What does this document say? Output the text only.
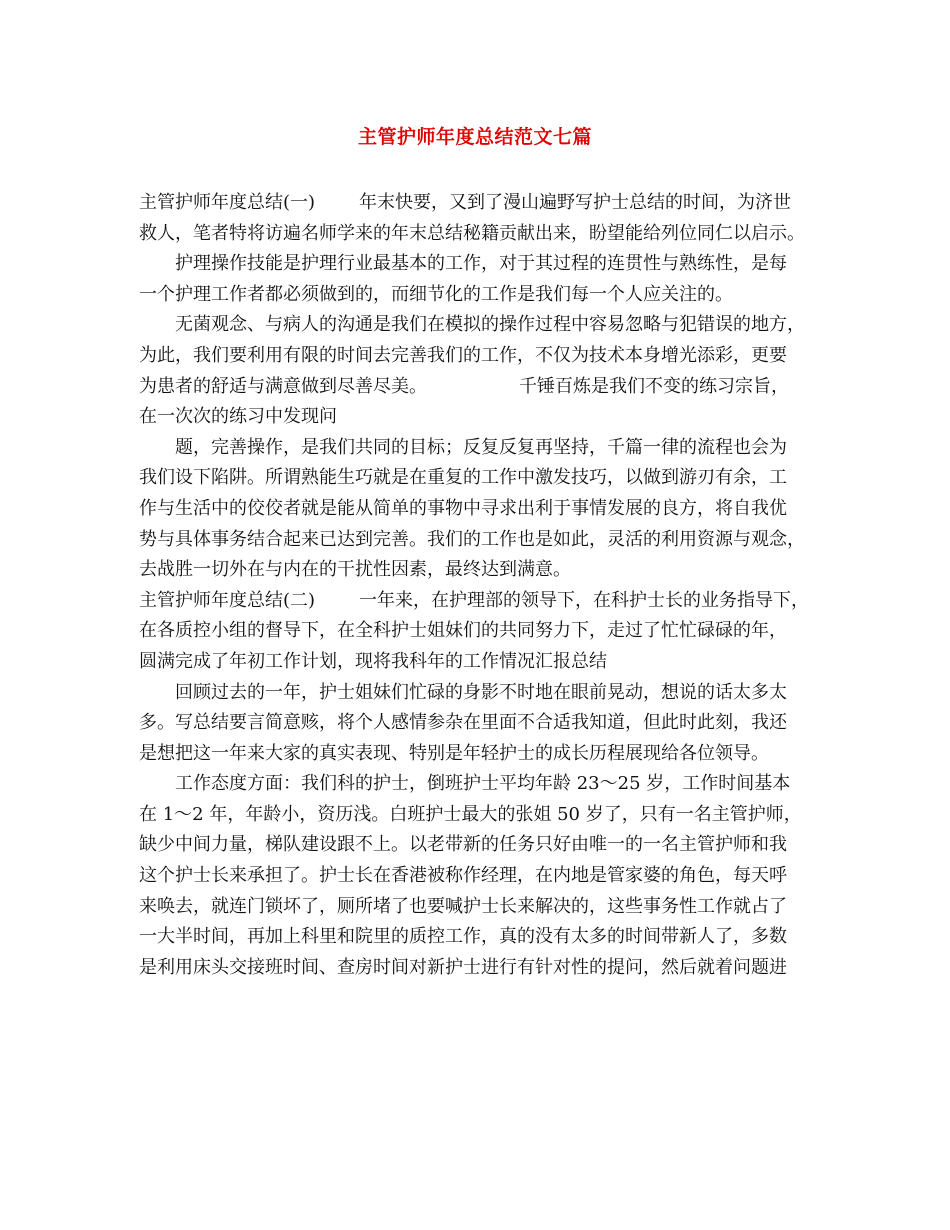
主管护师年度总结范文七篇
主管护师年度总结(一) 年末快要，又到了漫山遍野写护士总结的时间，为济世
救人，笔者特将访遍名师学来的年末总结秘籍贡献出来，盼望能给列位同仁以启示。
护理操作技能是护理行业最基本的工作，对于其过程的连贯性与熟练性，是每
一个护理工作者都必须做到的，而细节化的工作是我们每一个人应关注的。
无菌观念、与病人的沟通是我们在模拟的操作过程中容易忽略与犯错误的地方，
为此，我们要利用有限的时间去完善我们的工作，不仅为技术本身增光添彩，更要
为患者的舒适与满意做到尽善尽美。	千锤百炼是我们不变的练习宗旨，
在一次次的练习中发现问
题，完善操作，是我们共同的目标；反复反复再坚持，千篇一律的流程也会为
我们设下陷阱。所谓熟能生巧就是在重复的工作中激发技巧，以做到游刃有余，工
作与生活中的佼佼者就是能从简单的事物中寻求出利于事情发展的良方，将自我优
势与具体事务结合起来已达到完善。我们的工作也是如此，灵活的利用资源与观念，
去战胜一切外在与内在的干扰性因素，最终达到满意。
主管护师年度总结(二) 一年来，在护理部的领导下，在科护士长的业务指导下，
在各质控小组的督导下，在全科护士姐妹们的共同努力下，走过了忙忙碌碌的年，
圆满完成了年初工作计划，现将我科年的工作情况汇报总结
回顾过去的一年，护士姐妹们忙碌的身影不时地在眼前晃动，想说的话太多太
多。写总结要言简意赅，将个人感情参杂在里面不合适我知道，但此时此刻，我还
是想把这一年来大家的真实表现、特别是年轻护士的成长历程展现给各位领导。
工作态度方面：我们科的护士，倒班护士平均年龄 23～25 岁，工作时间基本
在 1～2 年，年龄小，资历浅。白班护士最大的张姐 50 岁了，只有一名主管护师，
缺少中间力量，梯队建设跟不上。以老带新的任务只好由唯一的一名主管护师和我
这个护士长来承担了。护士长在香港被称作经理，在内地是管家婆的角色，每天呼
来唤去，就连门锁坏了，厕所堵了也要喊护士长来解决的，这些事务性工作就占了
一大半时间，再加上科里和院里的质控工作，真的没有太多的时间带新人了，多数
是利用床头交接班时间、查房时间对新护士进行有针对性的提问，然后就着问题进
